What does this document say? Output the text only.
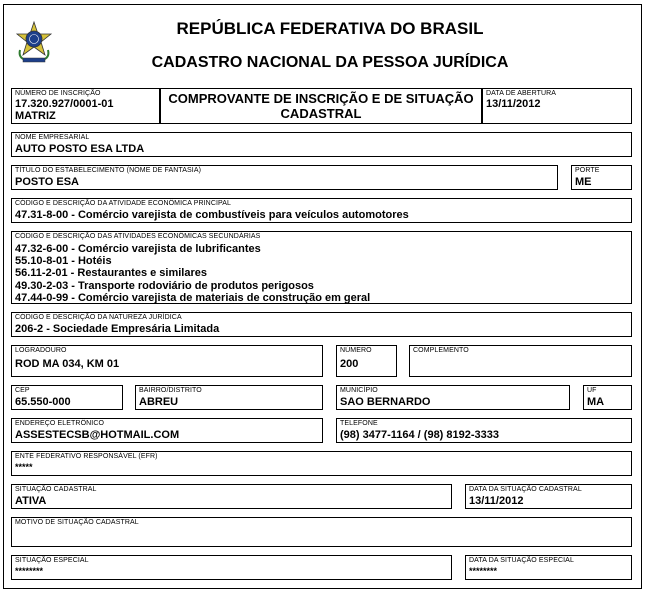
REPÚBLICA FEDERATIVA DO BRASIL
CADASTRO NACIONAL DA PESSOA JURÍDICA
NÚMERO DE INSCRIÇÃO
17.320.927/0001-01
MATRIZ
COMPROVANTE DE INSCRIÇÃO E DE SITUAÇÃO
CADASTRAL
DATA DE ABERTURA
13/11/2012
NOME EMPRESARIAL
AUTO POSTO ESA LTDA
TÍTULO DO ESTABELECIMENTO (NOME DE FANTASIA)
POSTO ESA
PORTE
ME
CÓDIGO E DESCRIÇÃO DA ATIVIDADE ECONÔMICA PRINCIPAL
47.31-8-00 - Comércio varejista de combustíveis para veículos automotores
CÓDIGO E DESCRIÇÃO DAS ATIVIDADES ECONÔMICAS SECUNDÁRIAS
47.32-6-00 - Comércio varejista de lubrificantes
55.10-8-01 - Hotéis
56.11-2-01 - Restaurantes e similares
49.30-2-03 - Transporte rodoviário de produtos perigosos
47.44-0-99 - Comércio varejista de materiais de construção em geral
CÓDIGO E DESCRIÇÃO DA NATUREZA JURÍDICA
206-2 - Sociedade Empresária Limitada
LOGRADOURO
ROD MA 034, KM 01
NÚMERO
200
COMPLEMENTO
CEP
65.550-000
BAIRRO/DISTRITO
ABREU
MUNICÍPIO
SAO BERNARDO
UF
MA
ENDEREÇO ELETRÔNICO
ASSESTECSB@HOTMAIL.COM
TELEFONE
(98) 3477-1164 / (98) 8192-3333
ENTE FEDERATIVO RESPONSÁVEL (EFR)
*****
SITUAÇÃO CADASTRAL
ATIVA
DATA DA SITUAÇÃO CADASTRAL
13/11/2012
MOTIVO DE SITUAÇÃO CADASTRAL
SITUAÇÃO ESPECIAL
********
DATA DA SITUAÇÃO ESPECIAL
********
